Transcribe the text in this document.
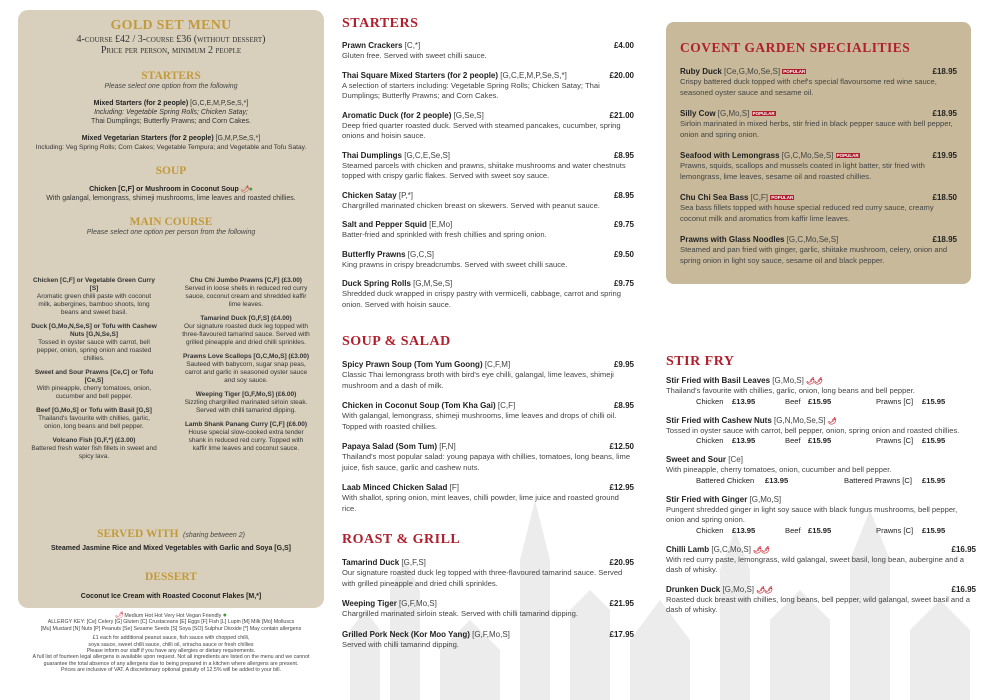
GOLD SET MENU
4-course £42 / 3-course £36 (without dessert)
Price per person, minimum 2 people
STARTERS
Please select one option from the following
Mixed Starters (for 2 people) [G,C,E,M,P,Se,S,*]
Including: Vegetable Spring Rolls; Chicken Satay;
Thai Dumplings; Butterfly Prawns; and Corn Cakes.
Mixed Vegetarian Starters (for 2 people) [G,M,P,Se,S,*]
Including: Veg Spring Rolls; Corn Cakes; Vegetable Tempura; and Vegetable and Tofu Satay.
SOUP
Chicken [C,F] or Mushroom in Coconut Soup 🌶●
With galangal, lemongrass, shimeji mushrooms, lime leaves and roasted chillies.
MAIN COURSE
Please select one option per person from the following
Chicken [C,F] or Vegetable Green Curry [S]
Aromatic green chilli paste with coconut milk, aubergines, bamboo shoots, long beans and sweet basil.
Duck [G,Mo,N,Se,S] or Tofu with Cashew Nuts [G,N,Se,S]
Tossed in oyster sauce with carrot, bell pepper, onion, spring onion and roasted chillies.
Sweet and Sour Prawns [Ce,C] or Tofu [Ce,S]
With pineapple, cherry tomatoes, onion, cucumber and bell pepper.
Beef [G,Mo,S] or Tofu with Basil [G,S]
Thailand's favourite with chillies, garlic, onion, long beans and bell pepper.
Volcano Fish [G,F,*] (£3.00)
Battered fresh water fish fillets in sweet and spicy lava.
Chu Chi Jumbo Prawns [C,F] (£3.00)
Served in loose shells in reduced red curry sauce, coconut cream and shredded kaffir lime leaves.
Tamarind Duck [G,F,S] (£4.00)
Our signature roasted duck leg topped with three-flavoured tamarind sauce. Served with grilled pineapple and dried chilli sprinkles.
Prawns Love Scallops [G,C,Mo,S] (£3.00)
Sauteed with babycorn, sugar snap peas, carrot and garlic in seasoned oyster sauce and soy sauce.
Weeping Tiger [G,F,Mo,S] (£6.00)
Sizzling chargrilled marinated sirloin steak. Served with chilli tamarind dipping.
Lamb Shank Panang Curry [C,F] (£6.00)
House special slow-cooked extra tender shank in reduced red curry. Topped with kaffir lime leaves and coconut sauce.
SERVED WITH (sharing between 2)
Steamed Jasmine Rice and Mixed Vegetables with Garlic and Soya [G,S]
DESSERT
Coconut Ice Cream with Roasted Coconut Flakes [M,*]
🌶 Medium Hot Hot Very Hot Vegan Friendly ●
ALLERGY KEY: [Ce] Celery [G] Gluten [C] Crustaceans [E] Eggs [F] Fish [L] Lupin [M] Milk [Mo] Molluscs
[Mu] Mustard [N] Nuts [P] Peanuts [Se] Sesame Seeds [S] Soya [SO] Sulphur Dioxide [*] May contain allergens
£1 each for additional peanut sauce, fish sauce with chopped chilli,
soya sauce, sweet chilli sauce, chilli oil, sriracha sauce or fresh chillies
Please inform our staff if you have any allergies or dietary requirements.
A full list of fourteen legal allergens is available upon request. Not all ingredients are listed on the menu and we cannot
guarantee the total absence of any allergens due to being prepared in a kitchen where allergens are present.
Prices are inclusive of VAT. A discretionary optional gratuity of 12.5% will be added to your bill.
STARTERS
Prawn Crackers [C,*]	£4.00
Gluten free. Served with sweet chilli sauce.
Thai Square Mixed Starters (for 2 people) [G,C,E,M,P,Se,S,*]	£20.00
A selection of starters including: Vegetable Spring Rolls; Chicken Satay; Thai Dumplings; Butterfly Prawns; and Corn Cakes.
Aromatic Duck (for 2 people) [G,Se,S]	£21.00
Deep fried quarter roasted duck. Served with steamed pancakes, cucumber, spring onions and hoisin sauce.
Thai Dumplings [G,C,E,Se,S]	£8.95
Steamed parcels with chicken and prawns, shiitake mushrooms and water chestnuts topped with crispy garlic flakes. Served with sweet soy sauce.
Chicken Satay [P,*]	£8.95
Chargrilled marinated chicken breast on skewers. Served with peanut sauce.
Salt and Pepper Squid [E,Mo]	£9.75
Batter-fried and sprinkled with fresh chillies and spring onion.
Butterfly Prawns [G,C,S]	£9.50
King prawns in crispy breadcrumbs. Served with sweet chilli sauce.
Duck Spring Rolls [G,M,Se,S]	£9.75
Shredded duck wrapped in crispy pastry with vermicelli, cabbage, carrot and spring onion. Served with hoisin sauce.
SOUP & SALAD
Spicy Prawn Soup (Tom Yum Goong) [C,F,M]	£9.95
Classic Thai lemongrass broth with bird's eye chilli, galangal, lime leaves, shimeji mushroom and a dash of milk.
Chicken in Coconut Soup (Tom Kha Gai) [C,F]	£8.95
With galangal, lemongrass, shimeji mushrooms, lime leaves and drops of chilli oil. Topped with roasted chillies.
Papaya Salad (Som Tum) [F,N]	£12.50
Thailand's most popular salad: young papaya with chillies, tomatoes, long beans, lime juice, fish sauce, garlic and cashew nuts.
Laab Minced Chicken Salad [F]	£12.95
With shallot, spring onion, mint leaves, chilli powder, lime juice and roasted ground rice.
ROAST & GRILL
Tamarind Duck [G,F,S]	£20.95
Our signature roasted duck leg topped with three-flavoured tamarind sauce. Served with grilled pineapple and dried chilli sprinkles.
Weeping Tiger [G,F,Mo,S]	£21.95
Chargrilled marinated sirloin steak. Served with chilli tamarind dipping.
Grilled Pork Neck (Kor Moo Yang) [G,F,Mo,S]	£17.95
Served with chilli tamarind dipping.
COVENT GARDEN SPECIALITIES
Ruby Duck [Ce,G,Mo,Se,S] POPULAR	£18.95
Crispy battered duck topped with chef's special flavoursome red wine sauce, seasoned oyster sauce and sesame oil.
Silly Cow [G,Mo,S] POPULAR	£18.95
Sirloin marinated in mixed herbs, stir fried in black pepper sauce with bell pepper, onion and spring onion.
Seafood with Lemongrass [G,C,Mo,Se,S] POPULAR	£19.95
Prawns, squids, scallops and mussels coated in light batter, stir fried with lemongrass, lime leaves, sesame oil and roasted chillies.
Chu Chi Sea Bass [C,F] POPULAR	£18.50
Sea bass fillets topped with house special reduced red curry sauce, creamy coconut milk and aromatics from kaffir lime leaves.
Prawns with Glass Noodles [G,C,Mo,Se,S]	£18.95
Steamed and pan fried with ginger, garlic, shiitake mushroom, celery, onion and spring onion in light soy sauce, sesame oil and black pepper.
STIR FRY
Stir Fried with Basil Leaves [G,Mo,S] 🌶🌶
Thailand's favourite with chillies, garlic, onion, long beans and bell pepper.
Chicken £13.95	Beef £15.95	Prawns [C] £15.95
Stir Fried with Cashew Nuts [G,N,Mo,Se,S] 🌶
Tossed in oyster sauce with carrot, bell pepper, onion, spring onion and roasted chillies.
Chicken £13.95	Beef £15.95	Prawns [C] £15.95
Sweet and Sour [Ce]
With pineapple, cherry tomatoes, onion, cucumber and bell pepper.
Battered Chicken £13.95	Battered Prawns [C] £15.95
Stir Fried with Ginger [G,Mo,S]
Pungent shredded ginger in light soy sauce with black fungus mushrooms, bell pepper, onion and spring onion.
Chicken £13.95	Beef £15.95	Prawns [C] £15.95
Chilli Lamb [G,C,Mo,S] 🌶🌶	£16.95
With red curry paste, lemongrass, wild galangal, sweet basil, long bean, aubergine and a dash of whisky.
Drunken Duck [G,Mo,S] 🌶🌶	£16.95
Roasted duck breast with chillies, long beans, bell pepper, wild galangal, sweet basil and a dash of whisky.
